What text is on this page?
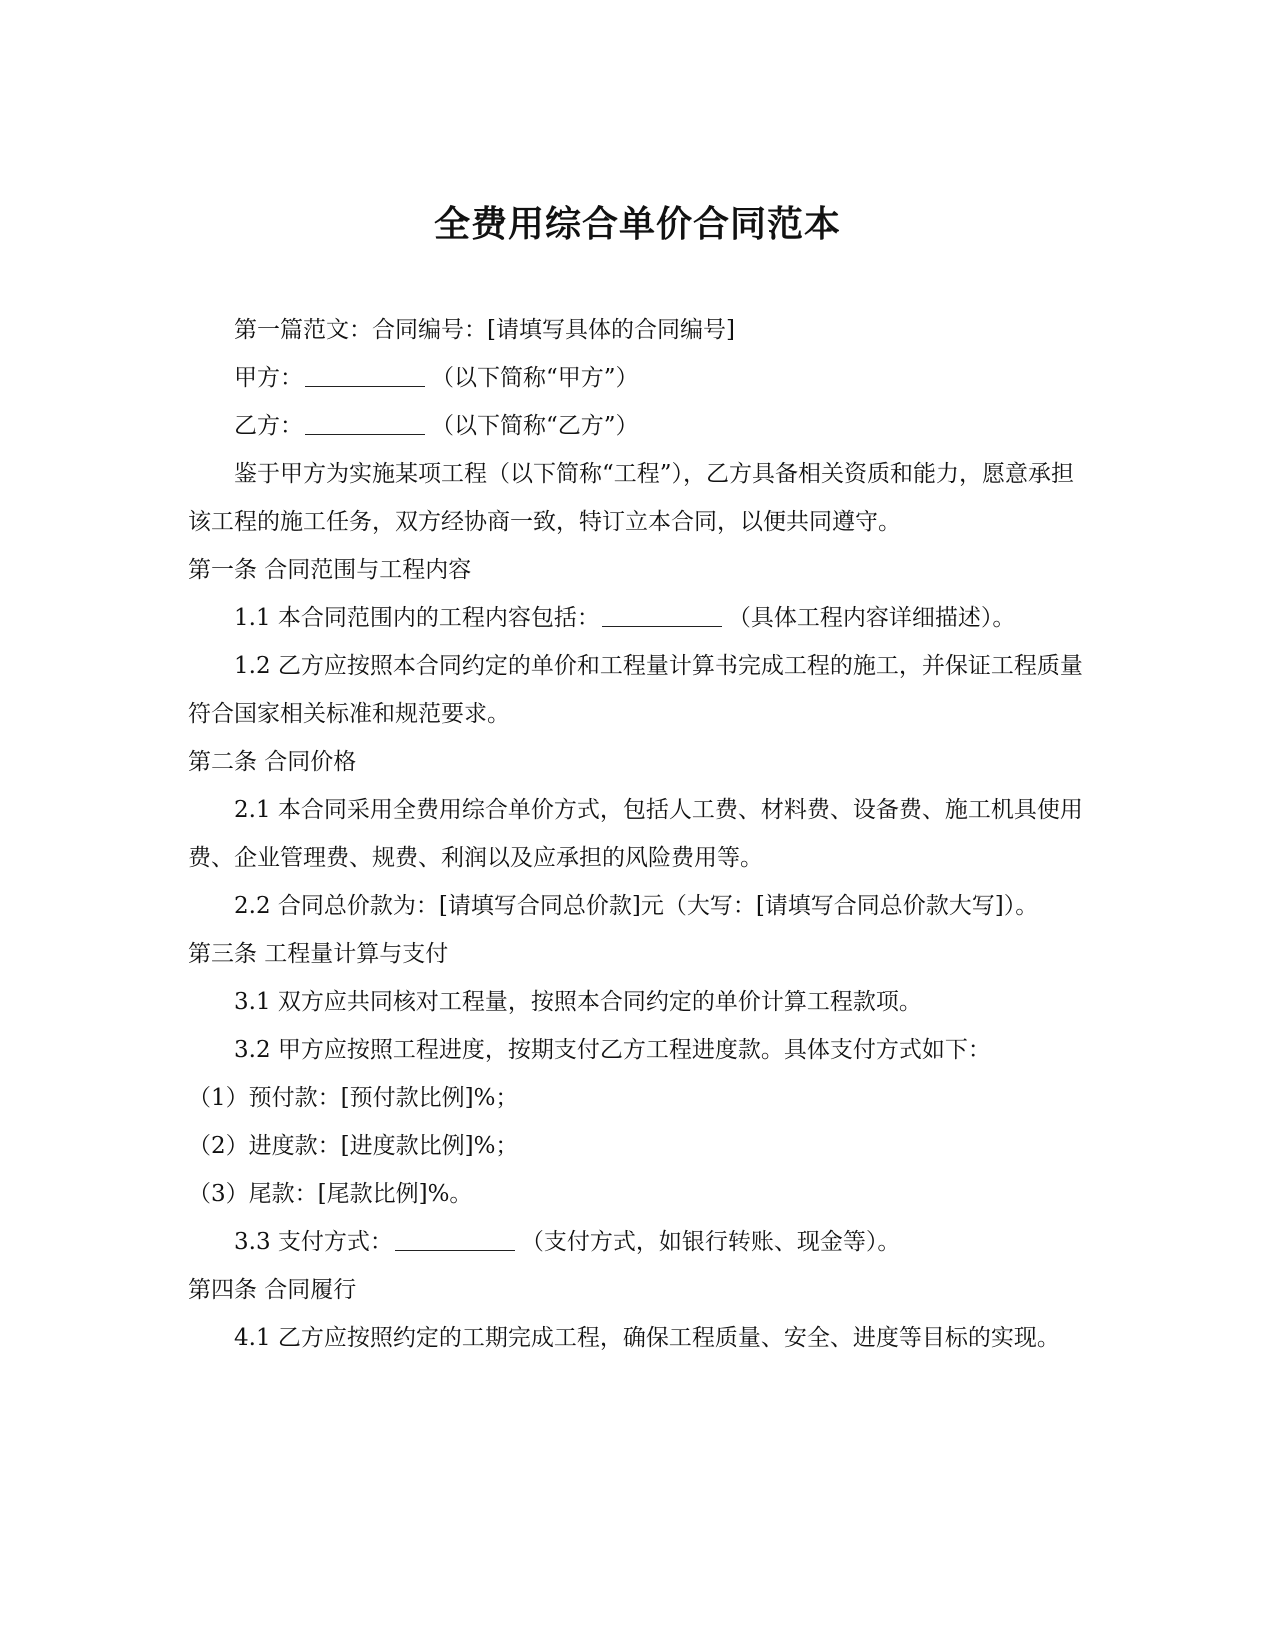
全费用综合单价合同范本

第一篇范文：合同编号：[请填写具体的合同编号]

甲方：	（以下简称“甲方”）

乙方：	（以下简称“乙方”）

鉴于甲方为实施某项工程（以下简称“工程”），乙方具备相关资质和能力，愿意承担该工程的施工任务，双方经协商一致，特订立本合同，以便共同遵守。

第一条 合同范围与工程内容

1.1 本合同范围内的工程内容包括：	（具体工程内容详细描述）。

1.2 乙方应按照本合同约定的单价和工程量计算书完成工程的施工，并保证工程质量符合国家相关标准和规范要求。

第二条 合同价格

2.1 本合同采用全费用综合单价方式，包括人工费、材料费、设备费、施工机具使用费、企业管理费、规费、利润以及应承担的风险费用等。

2.2 合同总价款为：[请填写合同总价款]元（大写：[请填写合同总价款大写]）。

第三条 工程量计算与支付

3.1 双方应共同核对工程量，按照本合同约定的单价计算工程款项。

3.2 甲方应按照工程进度，按期支付乙方工程进度款。具体支付方式如下：

（1）预付款：[预付款比例]%；

（2）进度款：[进度款比例]%；

（3）尾款：[尾款比例]%。

3.3 支付方式：	（支付方式，如银行转账、现金等）。

第四条 合同履行

4.1 乙方应按照约定的工期完成工程，确保工程质量、安全、进度等目标的实现。
